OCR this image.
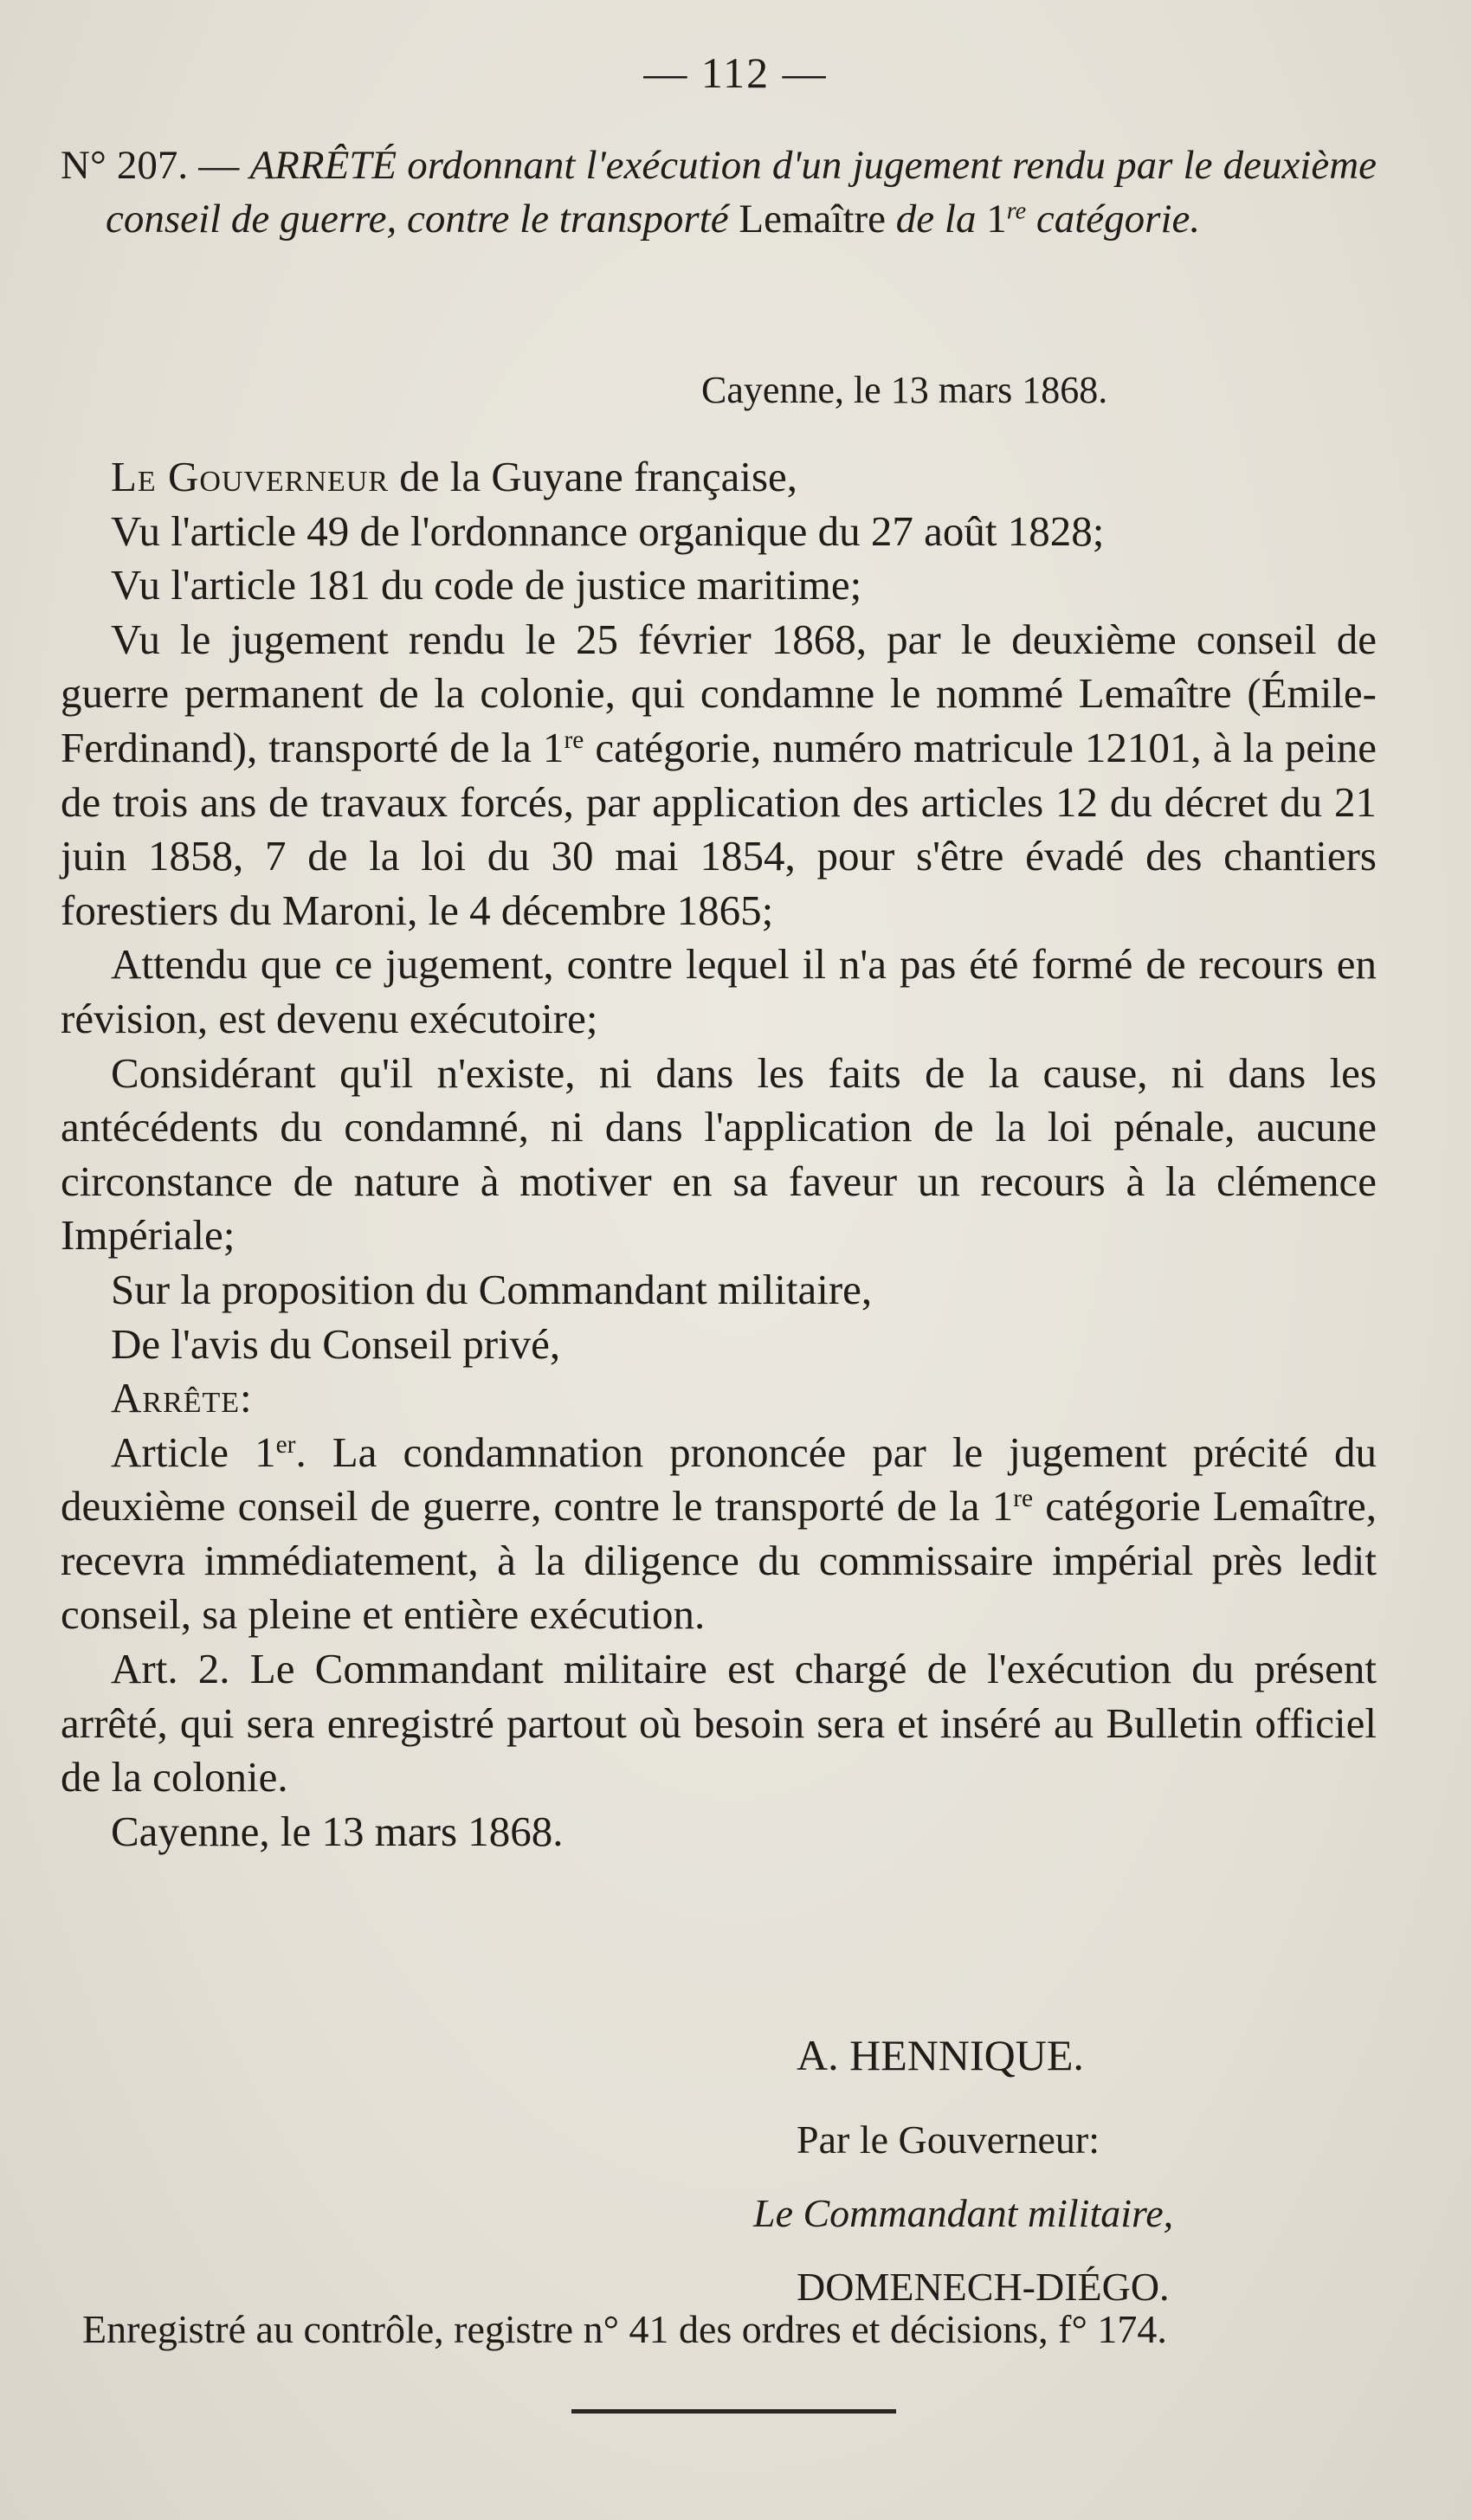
— 112 —
N° 207. — ARRÊTÉ ordonnant l'exécution d'un jugement rendu par le deuxième conseil de guerre, contre le transporté Lemaître de la 1re catégorie.
Cayenne, le 13 mars 1868.

Le Gouverneur de la Guyane française,

Vu l'article 49 de l'ordonnance organique du 27 août 1828;

Vu l'article 181 du code de justice maritime;

Vu le jugement rendu le 25 février 1868, par le deuxième conseil de guerre permanent de la colonie, qui condamne le nommé Lemaître (Émile-Ferdinand), transporté de la 1re catégorie, numéro matricule 12101, à la peine de trois ans de travaux forcés, par application des articles 12 du décret du 21 juin 1858, 7 de la loi du 30 mai 1854, pour s'être évadé des chantiers forestiers du Maroni, le 4 décembre 1865;

Attendu que ce jugement, contre lequel il n'a pas été formé de recours en révision, est devenu exécutoire;

Considérant qu'il n'existe, ni dans les faits de la cause, ni dans les antécédents du condamné, ni dans l'application de la loi pénale, aucune circonstance de nature à motiver en sa faveur un recours à la clémence Impériale;

Sur la proposition du Commandant militaire,

De l'avis du Conseil privé,

Arrête:

Article 1er. La condamnation prononcée par le jugement précité du deuxième conseil de guerre, contre le transporté de la 1re catégorie Lemaître, recevra immédiatement, à la diligence du commissaire impérial près ledit conseil, sa pleine et entière exécution.

Art. 2. Le Commandant militaire est chargé de l'exécution du présent arrêté, qui sera enregistré partout où besoin sera et inséré au Bulletin officiel de la colonie.

Cayenne, le 13 mars 1868.

A. HENNIQUE.
Par le Gouverneur:
Le Commandant militaire,
DOMENECH-DIÉGO.
Enregistré au contrôle, registre n° 41 des ordres et décisions, f° 174.
